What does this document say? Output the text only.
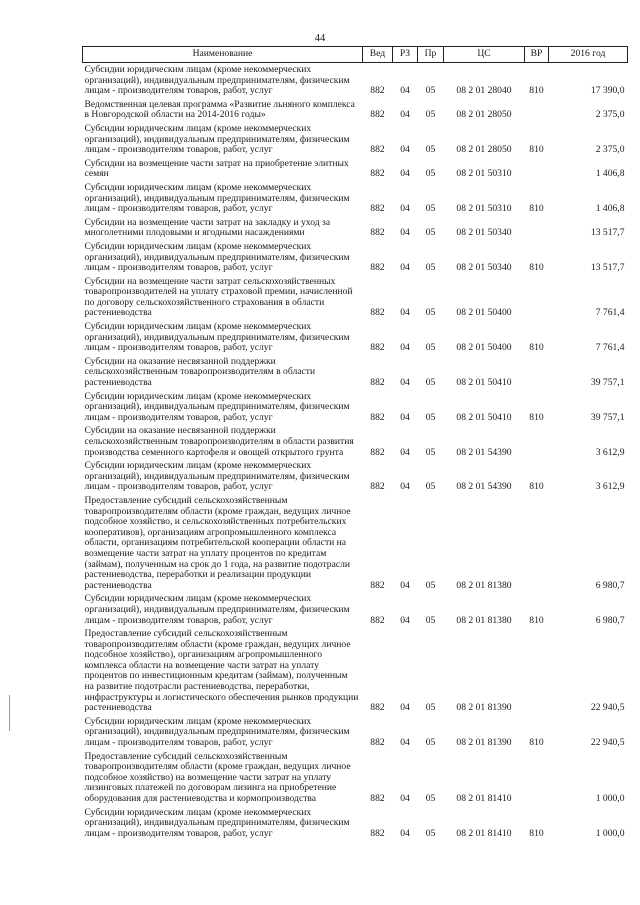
44
Наименование	Вед	РЗ	Пр	ЦС	ВР	2016 год
Субсидии юридическим лицам (кроме некоммерческих организаций), индивидуальным предпринимателям, физическим лицам - производителям товаров, работ, услуг	882	04	05	08 2 01 28040	810	17 390,0
Ведомственная целевая программа «Развитие льняного комплекса в Новгородской области на 2014-2016 годы»	882	04	05	08 2 01 28050		2 375,0
Субсидии юридическим лицам (кроме некоммерческих организаций), индивидуальным предпринимателям, физическим лицам - производителям товаров, работ, услуг	882	04	05	08 2 01 28050	810	2 375,0
Субсидии на возмещение части затрат на приобретение элитных семян	882	04	05	08 2 01 50310		1 406,8
Субсидии юридическим лицам (кроме некоммерческих организаций), индивидуальным предпринимателям, физическим лицам - производителям товаров, работ, услуг	882	04	05	08 2 01 50310	810	1 406,8
Субсидии на возмещение части затрат на закладку и уход за многолетними плодовыми и ягодными насаждениями	882	04	05	08 2 01 50340		13 517,7
Субсидии юридическим лицам (кроме некоммерческих организаций), индивидуальным предпринимателям, физическим лицам - производителям товаров, работ, услуг	882	04	05	08 2 01 50340	810	13 517,7
Субсидии на возмещение части затрат сельскохозяйственных товаропроизводителей на уплату страховой премии, начисленной по договору сельскохозяйственного страхования в области растениеводства	882	04	05	08 2 01 50400		7 761,4
Субсидии юридическим лицам (кроме некоммерческих организаций), индивидуальным предпринимателям, физическим лицам - производителям товаров, работ, услуг	882	04	05	08 2 01 50400	810	7 761,4
Субсидии на оказание несвязанной поддержки сельскохозяйственным товаропроизводителям в области растениеводства	882	04	05	08 2 01 50410		39 757,1
Субсидии юридическим лицам (кроме некоммерческих организаций), индивидуальным предпринимателям, физическим лицам - производителям товаров, работ, услуг	882	04	05	08 2 01 50410	810	39 757,1
Субсидии на оказание несвязанной поддержки сельскохозяйственным товаропроизводителям в области развития производства семенного картофеля и овощей открытого грунта	882	04	05	08 2 01 54390		3 612,9
Субсидии юридическим лицам (кроме некоммерческих организаций), индивидуальным предпринимателям, физическим лицам - производителям товаров, работ, услуг	882	04	05	08 2 01 54390	810	3 612,9
Предоставление субсидий сельскохозяйственным товаропроизводителям области (кроме граждан, ведущих личное подсобное хозяйство, и сельскохозяйственных потребительских кооперативов), организациям агропромышленного комплекса области, организациям потребительской кооперации области на возмещение части затрат на уплату процентов по кредитам (займам), полученным на срок до 1 года, на развитие подотрасли растениеводства, переработки и реализации продукции растениеводства	882	04	05	08 2 01 81380		6 980,7
Субсидии юридическим лицам (кроме некоммерческих организаций), индивидуальным предпринимателям, физическим лицам - производителям товаров, работ, услуг	882	04	05	08 2 01 81380	810	6 980,7
Предоставление субсидий сельскохозяйственным товаропроизводителям области (кроме граждан, ведущих личное подсобное хозяйство), организациям агропромышленного комплекса области на возмещение части затрат на уплату процентов по инвестиционным кредитам (займам), полученным на развитие подотрасли растениеводства, переработки, инфраструктуры и логистического обеспечения рынков продукции растениеводства	882	04	05	08 2 01 81390		22 940,5
Субсидии юридическим лицам (кроме некоммерческих организаций), индивидуальным предпринимателям, физическим лицам - производителям товаров, работ, услуг	882	04	05	08 2 01 81390	810	22 940,5
Предоставление субсидий сельскохозяйственным товаропроизводителям области (кроме граждан, ведущих личное подсобное хозяйство) на возмещение части затрат на уплату лизинговых платежей по договорам лизинга на приобретение оборудования для растениеводства и кормопроизводства	882	04	05	08 2 01 81410		1 000,0
Субсидии юридическим лицам (кроме некоммерческих организаций), индивидуальным предпринимателям, физическим лицам - производителям товаров, работ, услуг	882	04	05	08 2 01 81410	810	1 000,0
